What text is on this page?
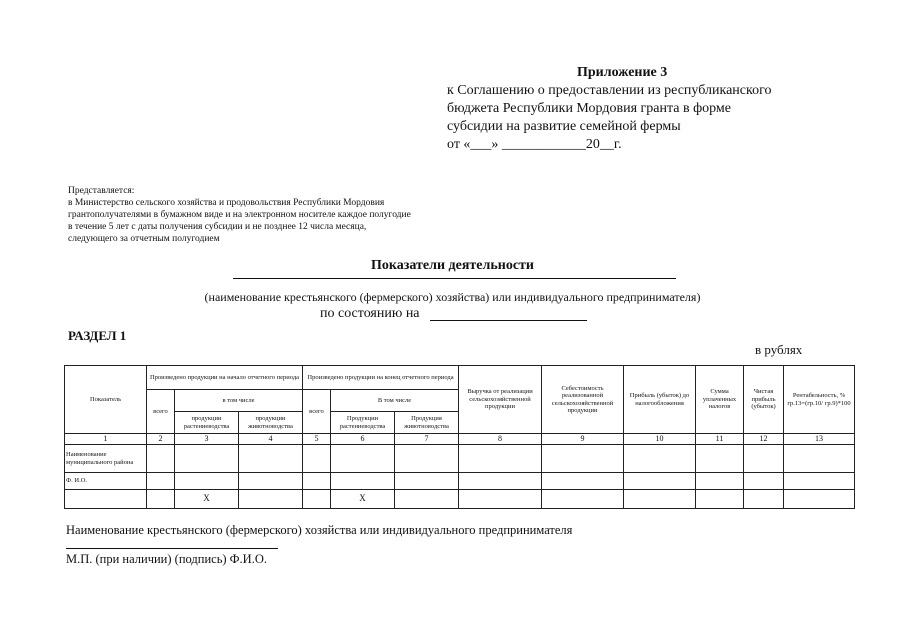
Приложение 3
к Соглашению о предоставлении из республиканского
бюджета Республики Мордовия гранта в форме
субсидии на развитие семейной фермы
от «___» ____________20__г.
Представляется:
в Министерство сельского хозяйства и продовольствия Республики Мордовия
грантополучателями в бумажном виде и на электронном носителе каждое полугодие
в течение 5 лет с даты получения субсидии и не позднее 12 числа месяца,
следующего за отчетным полугодием
Показатели деятельности
(наименование крестьянского (фермерского) хозяйства) или индивидуального предпринимателя)
по состоянию на
РАЗДЕЛ 1
в рублях
Показатель	Произведено продукции на начало отчетного периода			Произведено продукции на конец отчетного периода			Выручка от реализации сельскохозяйственной продукции	Себестоимость реализованной сельскохозяйственной продукции	Прибыль (убыток) до налогообложения	Сумма уплаченных налогов	Чистая прибыль (убыток)	Рентабельность, % гр.13=(гр.10/ гр.9)*100
	всего	в том числе		всего	В том числе							
		продукции растениеводства	продукции животноводства		Продукции растениеводства	Продукция животноводства						
1	2	3	4	5	6	7	8	9	10	11	12	13
Наименование муниципального района												
Ф. И.О.												
		Х			Х							
Наименование крестьянского (фермерского) хозяйства или индивидуального предпринимателя
М.П. (при наличии) (подпись) Ф.И.О.
